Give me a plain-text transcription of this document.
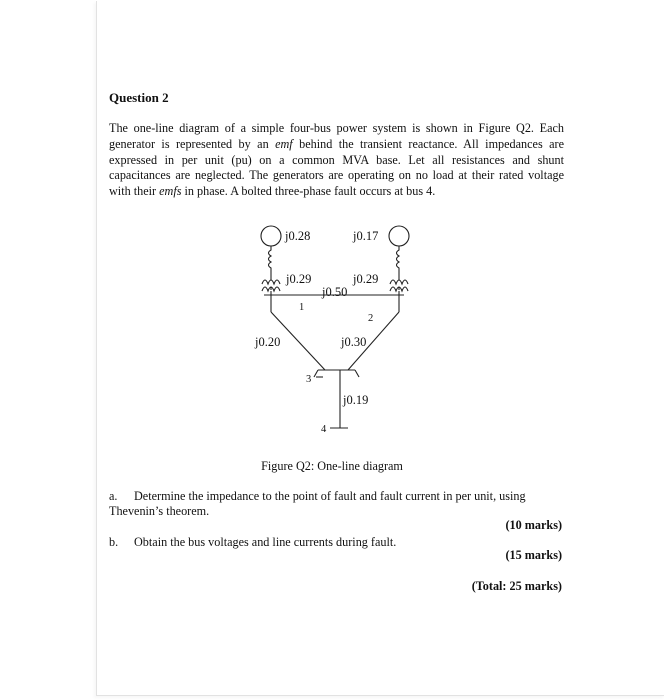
Question 2

The one-line diagram of a simple four-bus power system is shown in Figure Q2. Each generator is represented by an emf behind the transient reactance. All impedances are expressed in per unit (pu) on a common MVA base. Let all resistances and shunt capacitances are neglected. The generators are operating on no load at their rated voltage with their emfs in phase. A bolted three-phase fault occurs at bus 4.

j0.28	j0.17
j0.29	j0.29
j0.50
1
2
j0.20	j0.30
3
j0.19
4

Figure Q2: One-line diagram

a. Determine the impedance to the point of fault and fault current in per unit, using Thevenin’s theorem.
(10 marks)
b. Obtain the bus voltages and line currents during fault.
(15 marks)
(Total: 25 marks)
